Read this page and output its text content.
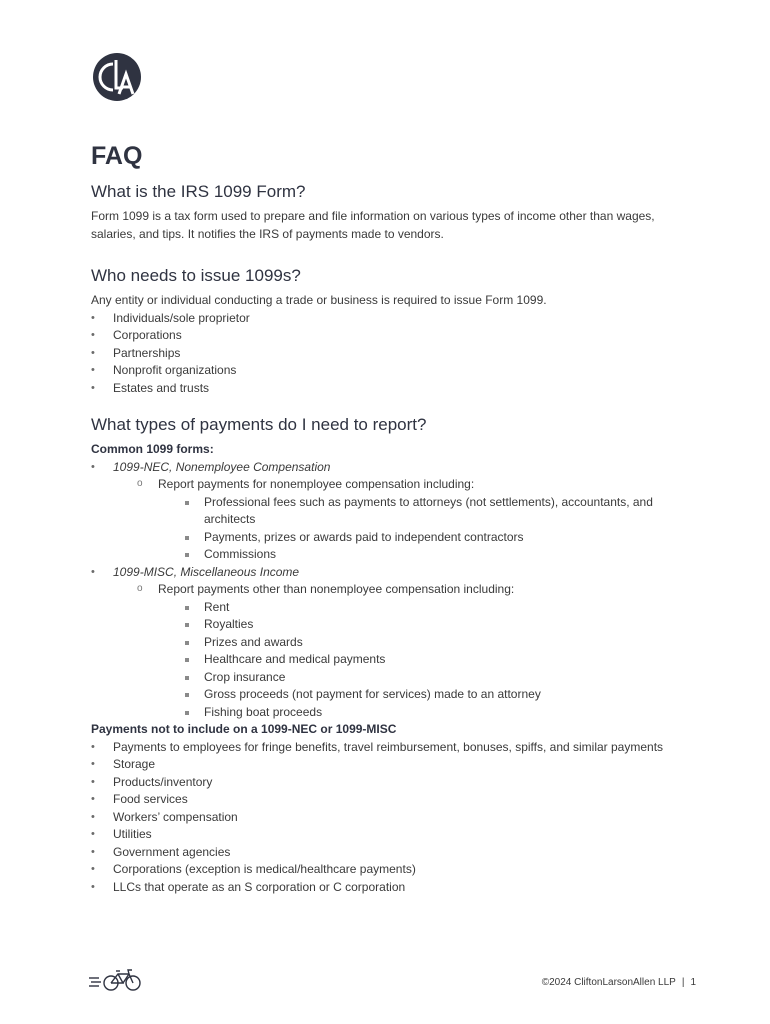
FAQ
What is the IRS 1099 Form?

Form 1099 is a tax form used to prepare and file information on various types of income other than wages, salaries, and tips. It notifies the IRS of payments made to vendors.

Who needs to issue 1099s?

Any entity or individual conducting a trade or business is required to issue Form 1099.

• Individuals/sole proprietor
• Corporations
• Partnerships
• Nonprofit organizations
• Estates and trusts
What types of payments do I need to report?
Common 1099 forms:
• 1099-NEC, Nonemployee Compensation
o Report payments for nonemployee compensation including:
Professional fees such as payments to attorneys (not settlements), accountants, and architects
Payments, prizes or awards paid to independent contractors
Commissions
• 1099-MISC, Miscellaneous Income
o Report payments other than nonemployee compensation including:
Rent
Royalties
Prizes and awards
Healthcare and medical payments
Crop insurance
Gross proceeds (not payment for services) made to an attorney
Fishing boat proceeds
Payments not to include on a 1099-NEC or 1099-MISC
• Payments to employees for fringe benefits, travel reimbursement, bonuses, spiffs, and similar payments
• Storage
• Products/inventory
• Food services
• Workers’ compensation
• Utilities
• Government agencies
• Corporations (exception is medical/healthcare payments)
• LLCs that operate as an S corporation or C corporation
©2024 CliftonLarsonAllen LLP | 1
